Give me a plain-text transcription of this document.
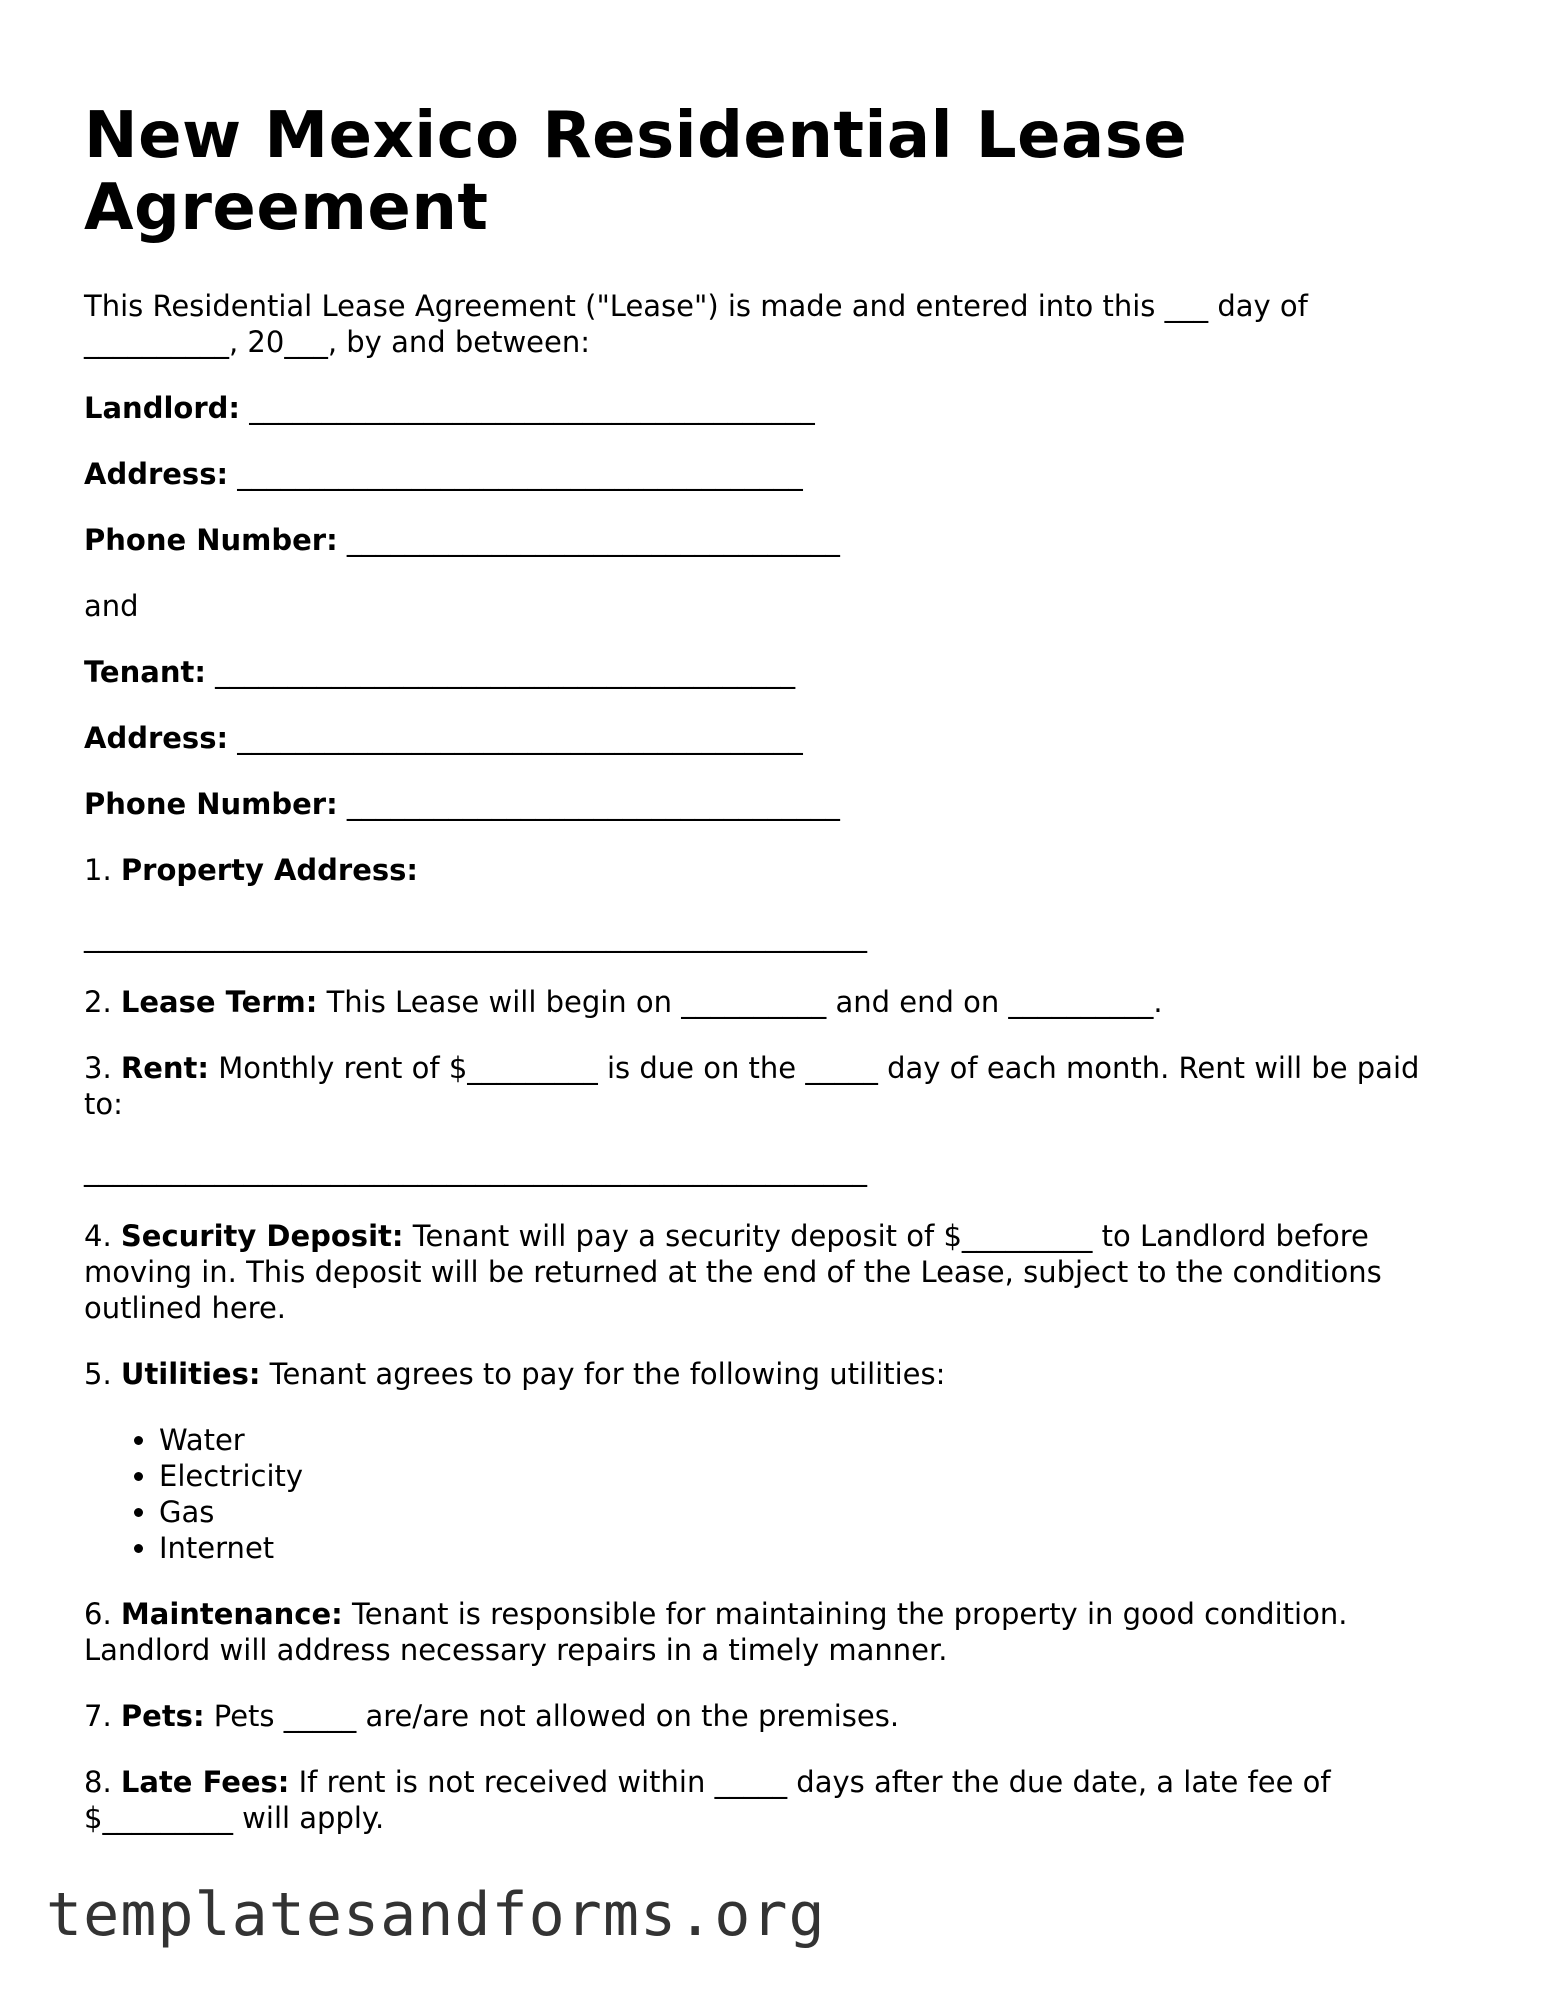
New Mexico Residential Lease Agreement

This Residential Lease Agreement ("Lease") is made and entered into this ___ day of __________, 20___, by and between:

Landlord: _______________________________________
Address: _______________________________________
Phone Number: __________________________________

and

Tenant: ________________________________________
Address: _______________________________________
Phone Number: __________________________________

1. Property Address:

______________________________________________________

2. Lease Term: This Lease will begin on __________ and end on __________.

3. Rent: Monthly rent of $_________ is due on the _____ day of each month. Rent will be paid to:

______________________________________________________

4. Security Deposit: Tenant will pay a security deposit of $_________ to Landlord before moving in. This deposit will be returned at the end of the Lease, subject to the conditions outlined here.

5. Utilities: Tenant agrees to pay for the following utilities:

• Water
• Electricity
• Gas
• Internet

6. Maintenance: Tenant is responsible for maintaining the property in good condition. Landlord will address necessary repairs in a timely manner.

7. Pets: Pets _____ are/are not allowed on the premises.

8. Late Fees: If rent is not received within _____ days after the due date, a late fee of $_________ will apply.

templatesandforms.org
